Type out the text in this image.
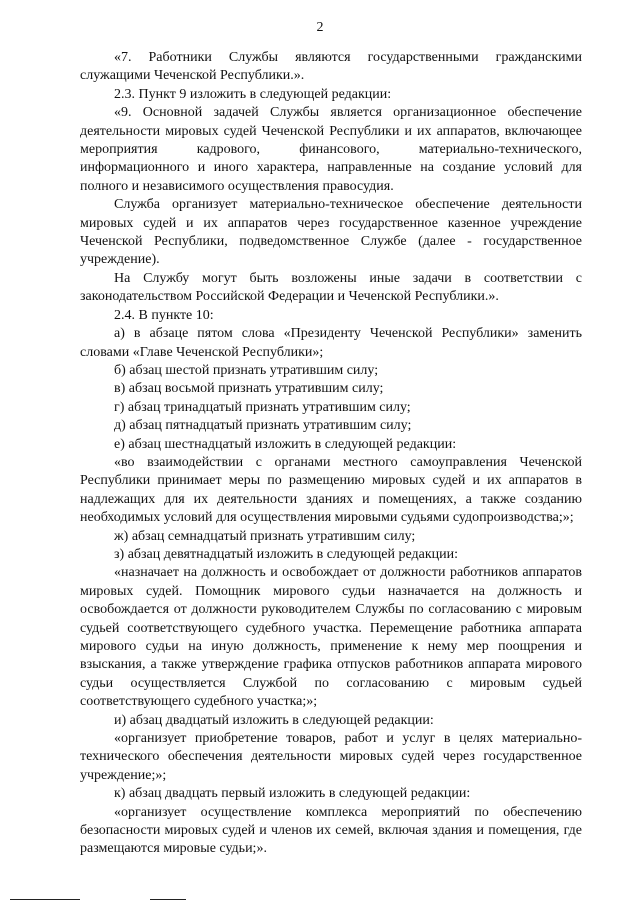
2

«7. Работники Службы являются государственными гражданскими служащими Чеченской Республики.».

2.3. Пункт 9 изложить в следующей редакции:

«9. Основной задачей Службы является организационное обеспечение деятельности мировых судей Чеченской Республики и их аппаратов, включающее мероприятия кадрового, финансового, материально-технического, информационного и иного характера, направленные на создание условий для полного и независимого осуществления правосудия.

Служба организует материально-техническое обеспечение деятельности мировых судей и их аппаратов через государственное казенное учреждение Чеченской Республики, подведомственное Службе (далее - государственное учреждение).

На Службу могут быть возложены иные задачи в соответствии с законодательством Российской Федерации и Чеченской Республики.».

2.4. В пункте 10:

а) в абзаце пятом слова «Президенту Чеченской Республики» заменить словами «Главе Чеченской Республики»;

б) абзац шестой признать утратившим силу;

в) абзац восьмой признать утратившим силу;

г) абзац тринадцатый признать утратившим силу;

д) абзац пятнадцатый признать утратившим силу;

е) абзац шестнадцатый изложить в следующей редакции:

«во взаимодействии с органами местного самоуправления Чеченской Республики принимает меры по размещению мировых судей и их аппаратов в надлежащих для их деятельности зданиях и помещениях, а также созданию необходимых условий для осуществления мировыми судьями судопроизводства;»;

ж) абзац семнадцатый признать утратившим силу;

з) абзац девятнадцатый изложить в следующей редакции:

«назначает на должность и освобождает от должности работников аппаратов мировых судей. Помощник мирового судьи назначается на должность и освобождается от должности руководителем Службы по согласованию с мировым судьей соответствующего судебного участка. Перемещение работника аппарата мирового судьи на иную должность, применение к нему мер поощрения и взыскания, а также утверждение графика отпусков работников аппарата мирового судьи осуществляется Службой по согласованию с мировым судьей соответствующего судебного участка;»;

и) абзац двадцатый изложить в следующей редакции:

«организует приобретение товаров, работ и услуг в целях материально-технического обеспечения деятельности мировых судей через государственное учреждение;»;

к) абзац двадцать первый изложить в следующей редакции:

«организует осуществление комплекса мероприятий по обеспечению безопасности мировых судей и членов их семей, включая здания и помещения, где размещаются мировые судьи;».
